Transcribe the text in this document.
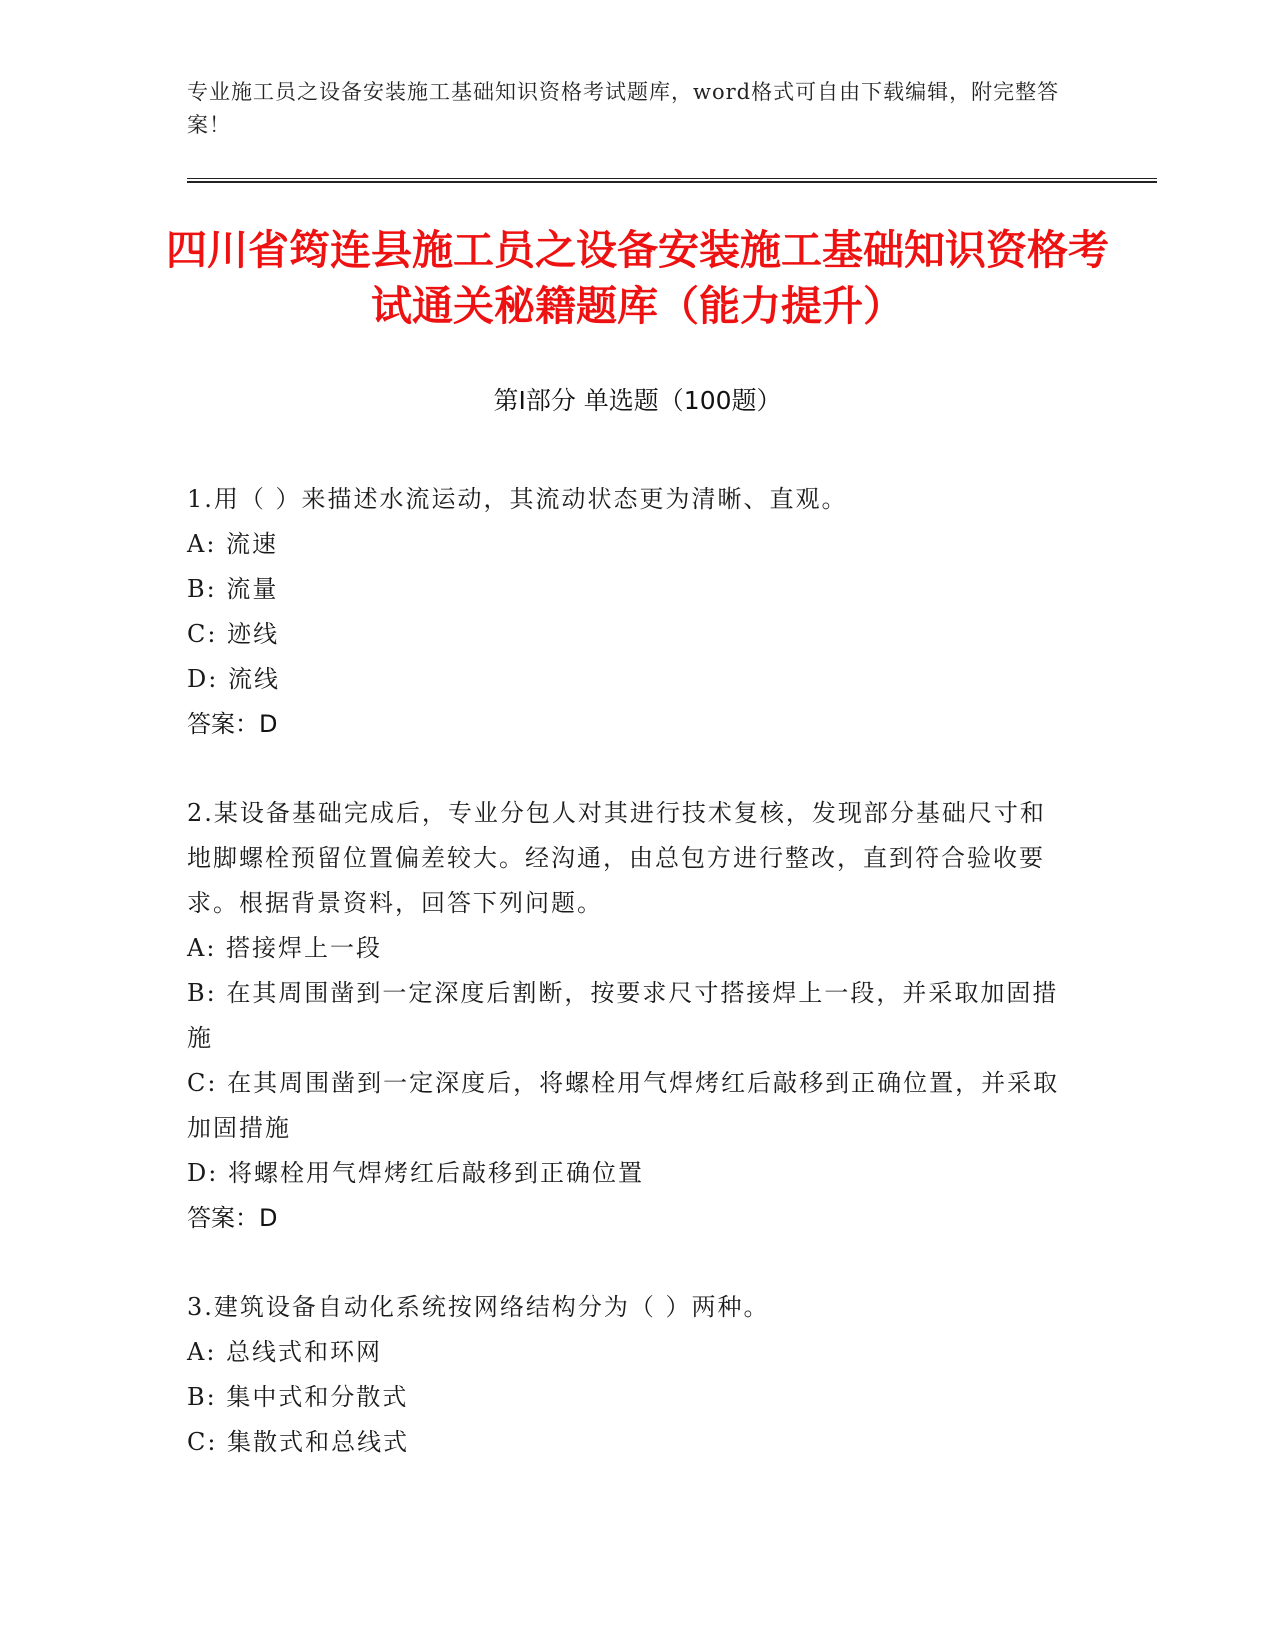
专业施工员之设备安装施工基础知识资格考试题库，word格式可自由下载编辑，附完整答案！
四川省筠连县施工员之设备安装施工基础知识资格考试通关秘籍题库（能力提升）
第Ⅰ部分 单选题（100题）
1.用（ ）来描述水流运动，其流动状态更为清晰、直观。
A: 流速
B: 流量
C: 迹线
D: 流线
答案：D
2.某设备基础完成后，专业分包人对其进行技术复核，发现部分基础尺寸和地脚螺栓预留位置偏差较大。经沟通，由总包方进行整改，直到符合验收要求。根据背景资料，回答下列问题。
A: 搭接焊上一段
B: 在其周围凿到一定深度后割断，按要求尺寸搭接焊上一段，并采取加固措施
C: 在其周围凿到一定深度后，将螺栓用气焊烤红后敲移到正确位置，并采取加固措施
D: 将螺栓用气焊烤红后敲移到正确位置
答案：D
3.建筑设备自动化系统按网络结构分为（ ）两种。
A: 总线式和环网
B: 集中式和分散式
C: 集散式和总线式
